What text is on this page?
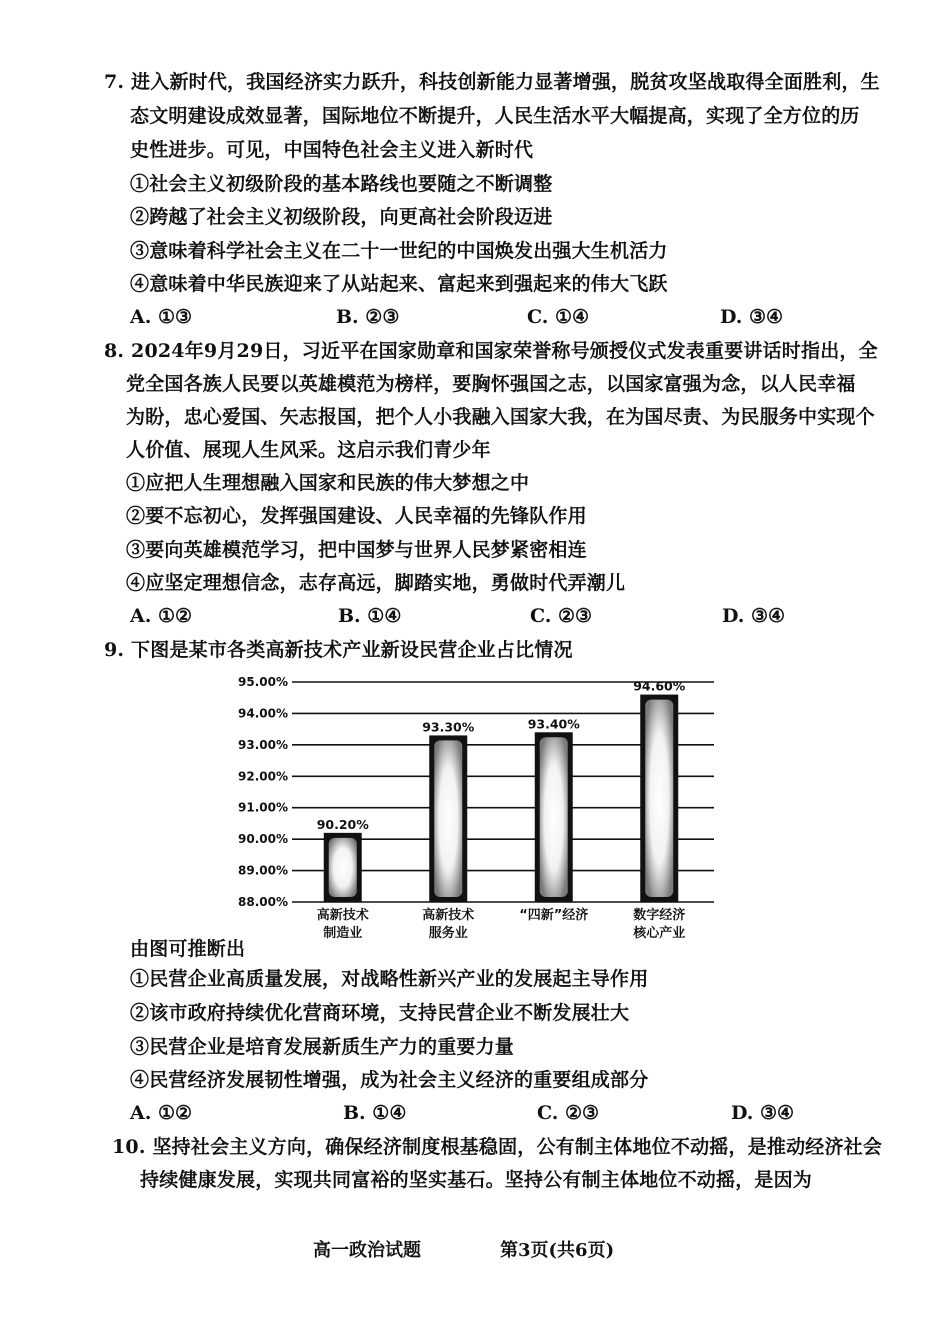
7. 进入新时代，我国经济实力跃升，科技创新能力显著增强，脱贫攻坚战取得全面胜利，生
态文明建设成效显著，国际地位不断提升，人民生活水平大幅提高，实现了全方位的历
史性进步。可见，中国特色社会主义进入新时代
①社会主义初级阶段的基本路线也要随之不断调整
②跨越了社会主义初级阶段，向更高社会阶段迈进
③意味着科学社会主义在二十一世纪的中国焕发出强大生机活力
④意味着中华民族迎来了从站起来、富起来到强起来的伟大飞跃
A. ①③	B. ②③	C. ①④	D. ③④
8. 2024年9月29日，习近平在国家勋章和国家荣誉称号颁授仪式发表重要讲话时指出，全
党全国各族人民要以英雄模范为榜样，要胸怀强国之志，以国家富强为念，以人民幸福
为盼，忠心爱国、矢志报国，把个人小我融入国家大我，在为国尽责、为民服务中实现个
人价值、展现人生风采。这启示我们青少年
①应把人生理想融入国家和民族的伟大梦想之中
②要不忘初心，发挥强国建设、人民幸福的先锋队作用
③要向英雄模范学习，把中国梦与世界人民梦紧密相连
④应坚定理想信念，志存高远，脚踏实地，勇做时代弄潮儿
A. ①②	B. ①④	C. ②③	D. ③④
9. 下图是某市各类高新技术产业新设民营企业占比情况
88.00%
89.00%
90.00%
91.00%
92.00%
93.00%
94.00%
95.00%
90.20%
93.30%	93.40%
94.60%
高新技术
制造业
高新技术
服务业
“四新”经济	数字经济
核心产业
由图可推断出
①民营企业高质量发展，对战略性新兴产业的发展起主导作用
②该市政府持续优化营商环境，支持民营企业不断发展壮大
③民营企业是培育发展新质生产力的重要力量
④民营经济发展韧性增强，成为社会主义经济的重要组成部分
A. ①②	B. ①④	C. ②③	D. ③④
10. 坚持社会主义方向，确保经济制度根基稳固，公有制主体地位不动摇，是推动经济社会
持续健康发展，实现共同富裕的坚实基石。坚持公有制主体地位不动摇，是因为
高一政治试题	第3页(共6页)
